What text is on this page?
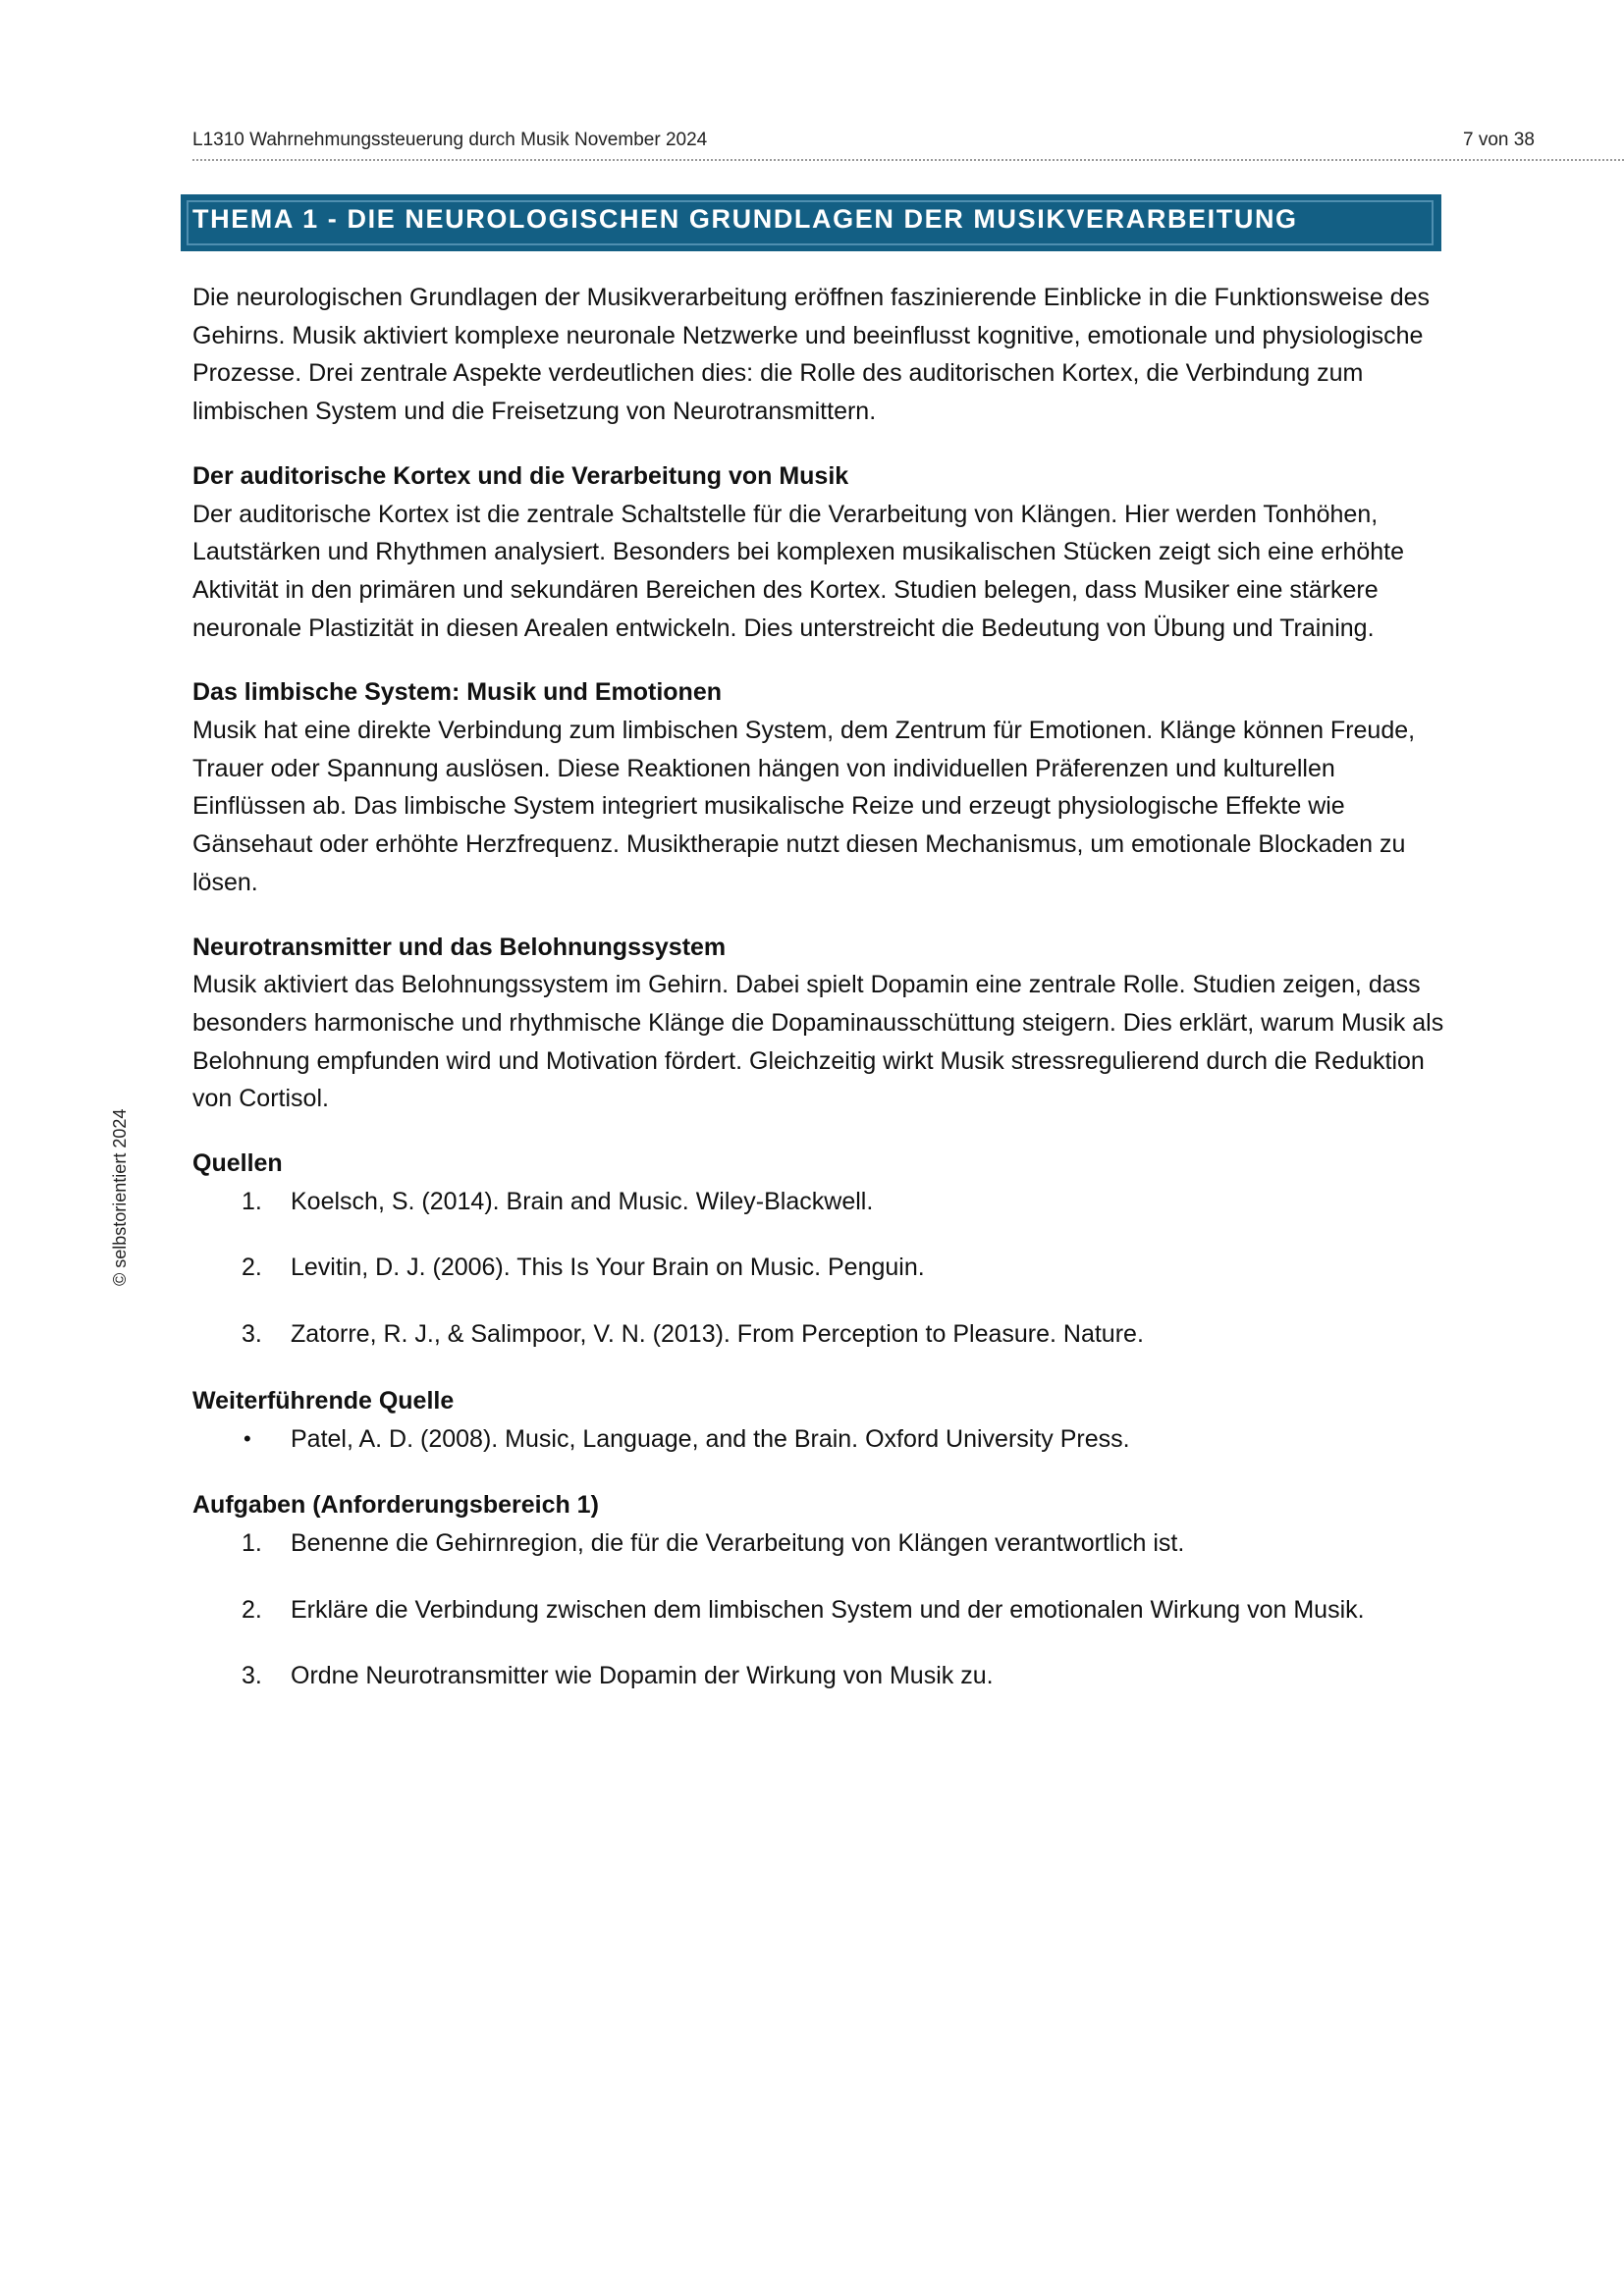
L1310 Wahrnehmungssteuerung durch Musik November 2024	7 von 38
© selbstorientiert 2024
THEMA 1 - DIE NEUROLOGISCHEN GRUNDLAGEN DER MUSIKVERARBEITUNG

Die neurologischen Grundlagen der Musikverarbeitung eröffnen faszinierende Einblicke in die Funktionsweise des Gehirns. Musik aktiviert komplexe neuronale Netzwerke und beeinflusst kognitive, emotionale und physiologische Prozesse. Drei zentrale Aspekte verdeutlichen dies: die Rolle des auditorischen Kortex, die Verbindung zum limbischen System und die Freisetzung von Neurotransmittern.

Der auditorische Kortex und die Verarbeitung von Musik

Der auditorische Kortex ist die zentrale Schaltstelle für die Verarbeitung von Klängen. Hier werden Tonhöhen, Lautstärken und Rhythmen analysiert. Besonders bei komplexen musikalischen Stücken zeigt sich eine erhöhte Aktivität in den primären und sekundären Bereichen des Kortex. Studien belegen, dass Musiker eine stärkere neuronale Plastizität in diesen Arealen entwickeln. Dies unterstreicht die Bedeutung von Übung und Training.

Das limbische System: Musik und Emotionen

Musik hat eine direkte Verbindung zum limbischen System, dem Zentrum für Emotionen. Klänge können Freude, Trauer oder Spannung auslösen. Diese Reaktionen hängen von individuellen Präferenzen und kulturellen Einflüssen ab. Das limbische System integriert musikalische Reize und erzeugt physiologische Effekte wie Gänsehaut oder erhöhte Herzfrequenz. Musiktherapie nutzt diesen Mechanismus, um emotionale Blockaden zu lösen.

Neurotransmitter und das Belohnungssystem

Musik aktiviert das Belohnungssystem im Gehirn. Dabei spielt Dopamin eine zentrale Rolle. Studien zeigen, dass besonders harmonische und rhythmische Klänge die Dopaminausschüttung steigern. Dies erklärt, warum Musik als Belohnung empfunden wird und Motivation fördert. Gleichzeitig wirkt Musik stressregulierend durch die Reduktion von Cortisol.

Quellen

1. Koelsch, S. (2014). Brain and Music. Wiley-Blackwell.
2. Levitin, D. J. (2006). This Is Your Brain on Music. Penguin.
3. Zatorre, R. J., & Salimpoor, V. N. (2013). From Perception to Pleasure. Nature.

Weiterführende Quelle

• Patel, A. D. (2008). Music, Language, and the Brain. Oxford University Press.

Aufgaben (Anforderungsbereich 1)

1. Benenne die Gehirnregion, die für die Verarbeitung von Klängen verantwortlich ist.
2. Erkläre die Verbindung zwischen dem limbischen System und der emotionalen Wirkung von Musik.
3. Ordne Neurotransmitter wie Dopamin der Wirkung von Musik zu.
